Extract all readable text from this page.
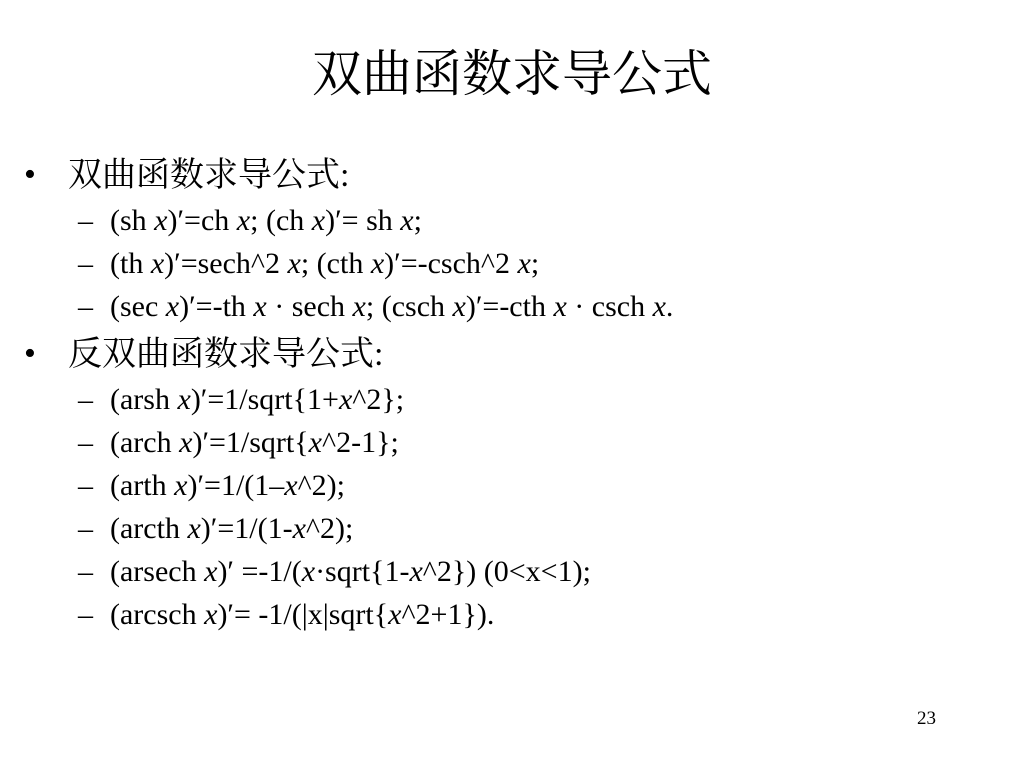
双曲函数求导公式
• 双曲函数求导公式:
– (sh x)′=ch x; (ch x)′= sh x;
– (th x)′=sech^2 x; (cth x)′=-csch^2 x;
– (sec x)′=-th x · sech x; (csch x)′=-cth x · csch x.
• 反双曲函数求导公式:
– (arsh x)′=1/sqrt{1+x^2};
– (arch x)′=1/sqrt{x^2-1};
– (arth x)′=1/(1–x^2);
– (arcth x)′=1/(1-x^2);
– (arsech x)′ =-1/(x·sqrt{1-x^2}) (0<x<1);
– (arcsch x)′= -1/(|x|sqrt{x^2+1}).
23
